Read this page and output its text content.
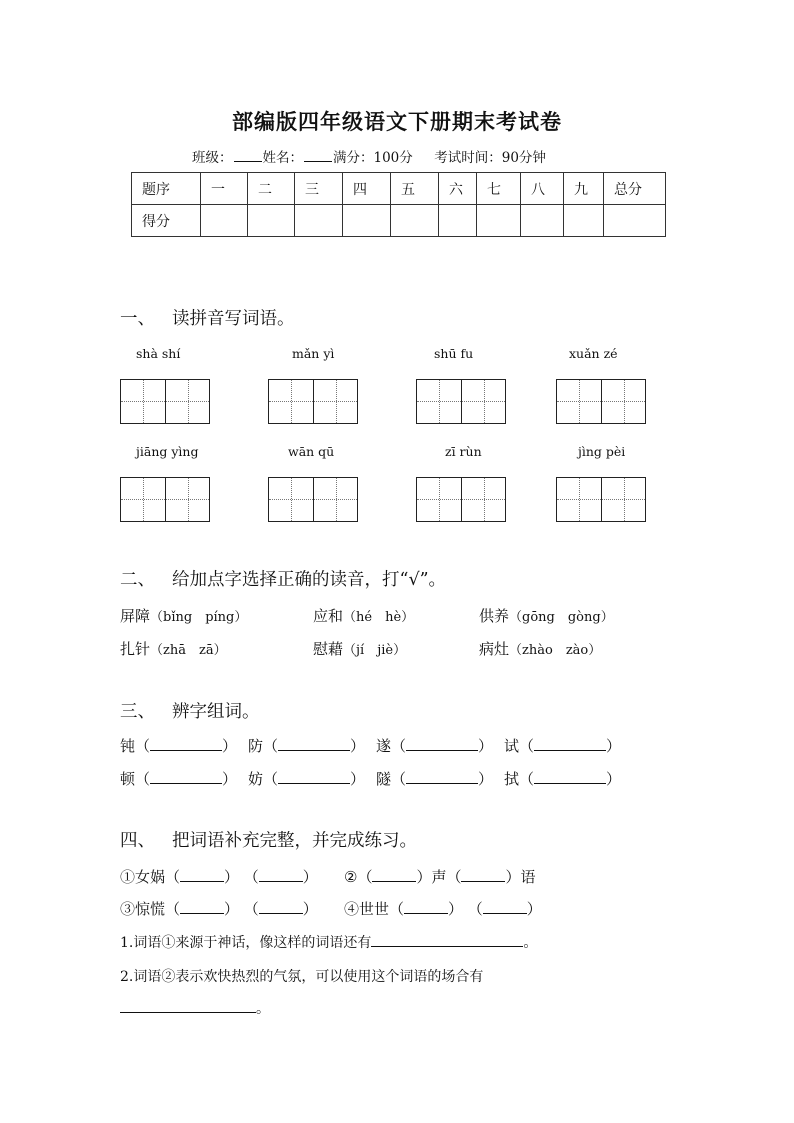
部编版四年级语文下册期末考试卷
班级： 姓名： 满分：100分 考试时间：90分钟
题序	一	二	三	四	五	六	七	八	九	总分
得分										
一、 读拼音写词语。
shà shí	mǎn yì	shū fu	xuǎn zé
jiāng yìng	wān qū	zī rùn	jìng pèi
二、 给加点字选择正确的读音，打“√”。
屏障（bǐng　píng）	应和（hé　hè）	供养（gōng　gòng）
扎针（zhā　zā）	慰藉（jí　jiè）	病灶（zhào　zào）
三、 辨字组词。
钝（	） 防（	） 遂（	） 试（	）
顿（	） 妨（	） 隧（	） 拭（	）
四、 把词语补充完整，并完成练习。
①女娲（	） （	） ②（	）声（	）语
③惊慌（	） （	） ④世世（	） （	）
1.词语①来源于神话，像这样的词语还有	。
2.词语②表示欢快热烈的气氛，可以使用这个词语的场合有
。
